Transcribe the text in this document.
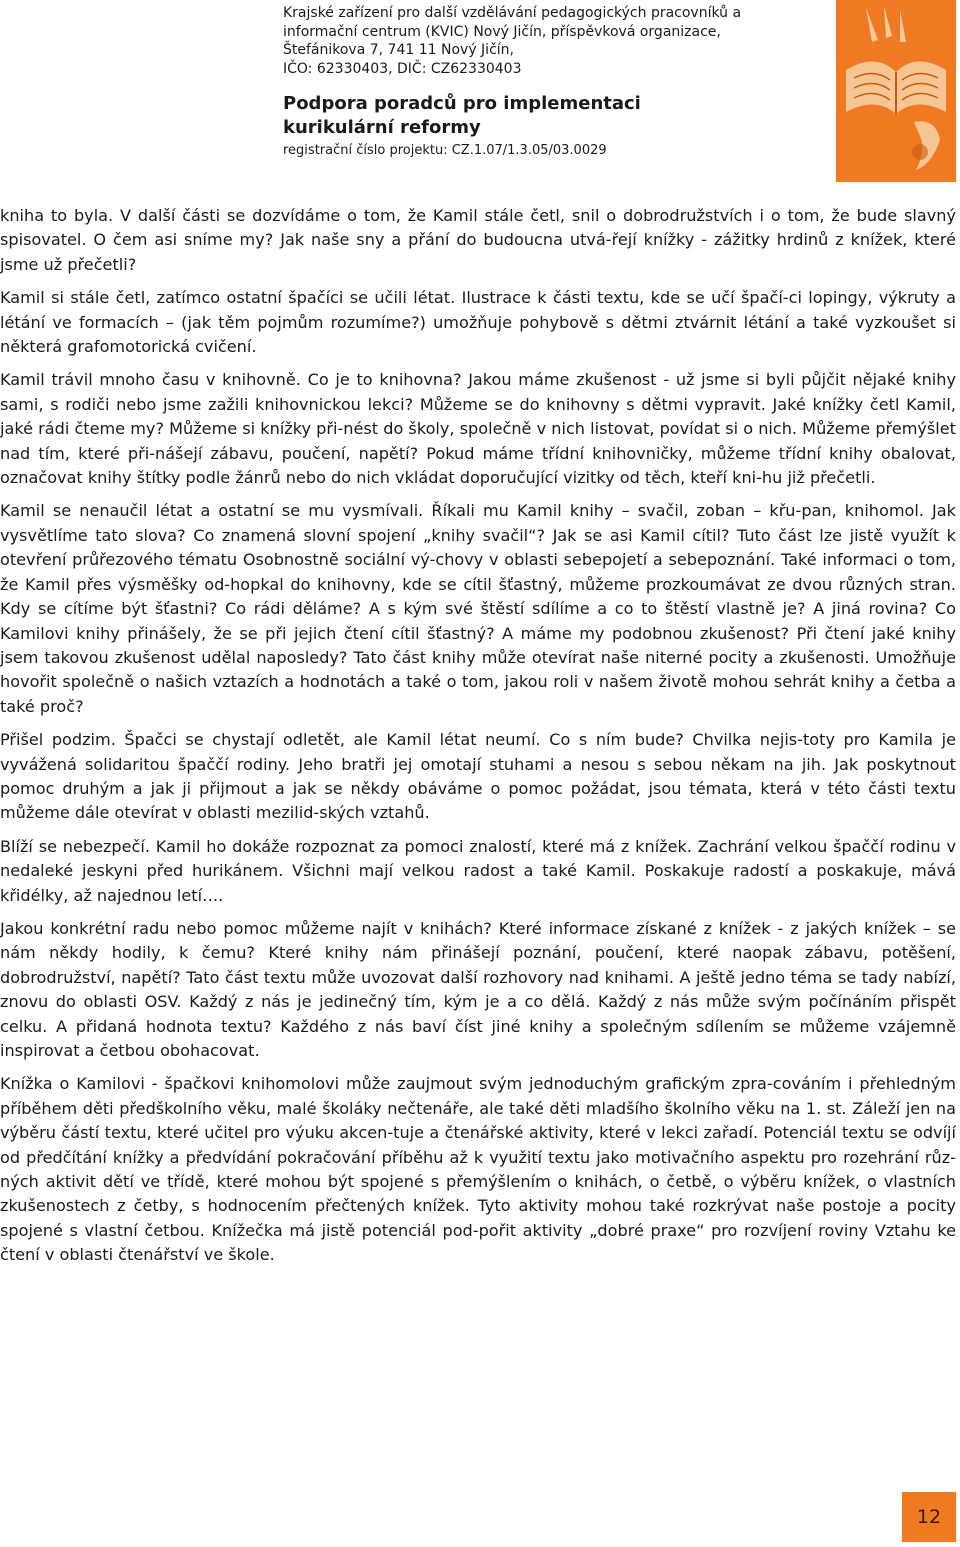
Krajské zařízení pro další vzdělávání pedagogických pracovníků a
informační centrum (KVIC) Nový Jičín, příspěvková organizace,
Štefánikova 7, 741 11 Nový Jičín,
IČO: 62330403, DIČ: CZ62330403
Podpora poradců pro implementaci
kurikulární reformy
registrační číslo projektu: CZ.1.07/1.3.05/03.0029

kniha to byla. V další části se dozvídáme o tom, že Kamil stále četl, snil o dobrodružstvích i o tom, že bude slavný spisovatel. O čem asi sníme my? Jak naše sny a přání do budoucna utvá-řejí knížky - zážitky hrdinů z knížek, které jsme už přečetli?

Kamil si stále četl, zatímco ostatní špačíci se učili létat. Ilustrace k části textu, kde se učí špačí-ci lopingy, výkruty a létání ve formacích – (jak těm pojmům rozumíme?) umožňuje pohybově s dětmi ztvárnit létání a také vyzkoušet si některá grafomotorická cvičení.

Kamil trávil mnoho času v knihovně. Co je to knihovna? Jakou máme zkušenost - už jsme si byli půjčit nějaké knihy sami, s rodiči nebo jsme zažili knihovnickou lekci? Můžeme se do knihovny s dětmi vypravit. Jaké knížky četl Kamil, jaké rádi čteme my? Můžeme si knížky při-nést do školy, společně v nich listovat, povídat si o nich. Můžeme přemýšlet nad tím, které při-nášejí zábavu, poučení, napětí? Pokud máme třídní knihovničky, můžeme třídní knihy obalovat, označovat knihy štítky podle žánrů nebo do nich vkládat doporučující vizitky od těch, kteří kni-hu již přečetli.

Kamil se nenaučil létat a ostatní se mu vysmívali. Říkali mu Kamil knihy – svačil, zoban – křu-pan, knihomol. Jak vysvětlíme tato slova? Co znamená slovní spojení „knihy svačil“? Jak se asi Kamil cítil? Tuto část lze jistě využít k otevření průřezového tématu Osobnostně sociální vý-chovy v oblasti sebepojetí a sebepoznání. Také informaci o tom, že Kamil přes výsměšky od-hopkal do knihovny, kde se cítil šťastný, můžeme prozkoumávat ze dvou různých stran. Kdy se cítíme být šťastni? Co rádi děláme? A s kým své štěstí sdílíme a co to štěstí vlastně je? A jiná rovina? Co Kamilovi knihy přinášely, že se při jejich čtení cítil šťastný? A máme my podobnou zkušenost? Při čtení jaké knihy jsem takovou zkušenost udělal naposledy? Tato část knihy může otevírat naše niterné pocity a zkušenosti. Umožňuje hovořit společně o našich vztazích a hodnotách a také o tom, jakou roli v našem životě mohou sehrát knihy a četba a také proč?

Přišel podzim. Špačci se chystají odletět, ale Kamil létat neumí. Co s ním bude? Chvilka nejis-toty pro Kamila je vyvážená solidaritou špaččí rodiny. Jeho bratři jej omotají stuhami a nesou s sebou někam na jih. Jak poskytnout pomoc druhým a jak ji přijmout a jak se někdy obáváme o pomoc požádat, jsou témata, která v této části textu můžeme dále otevírat v oblasti mezilid-ských vztahů.

Blíží se nebezpečí. Kamil ho dokáže rozpoznat za pomoci znalostí, které má z knížek. Zachrání velkou špaččí rodinu v nedaleké jeskyni před hurikánem. Všichni mají velkou radost a také Kamil. Poskakuje radostí a poskakuje, mává křidélky, až najednou letí….

Jakou konkrétní radu nebo pomoc můžeme najít v knihách? Které informace získané z knížek - z jakých knížek – se nám někdy hodily, k čemu? Které knihy nám přinášejí poznání, poučení, které naopak zábavu, potěšení, dobrodružství, napětí? Tato část textu může uvozovat další rozhovory nad knihami. A ještě jedno téma se tady nabízí, znovu do oblasti OSV. Každý z nás je jedinečný tím, kým je a co dělá. Každý z nás může svým počínáním přispět celku. A přidaná hodnota textu? Každého z nás baví číst jiné knihy a společným sdílením se můžeme vzájemně inspirovat a četbou obohacovat.

Knížka o Kamilovi - špačkovi knihomolovi může zaujmout svým jednoduchým grafickým zpra-cováním i přehledným příběhem děti předškolního věku, malé školáky nečtenáře, ale také děti mladšího školního věku na 1. st. Záleží jen na výběru částí textu, které učitel pro výuku akcen-tuje a čtenářské aktivity, které v lekci zařadí. Potenciál textu se odvíjí od předčítání knížky a předvídání pokračování příběhu až k využití textu jako motivačního aspektu pro rozehrání růz-ných aktivit dětí ve třídě, které mohou být spojené s přemýšlením o knihách, o četbě, o výběru knížek, o vlastních zkušenostech z četby, s hodnocením přečtených knížek. Tyto aktivity mohou také rozkrývat naše postoje a pocity spojené s vlastní četbou. Knížečka má jistě potenciál pod-pořit aktivity „dobré praxe“ pro rozvíjení roviny Vztahu ke čtení v oblasti čtenářství ve škole.

12
